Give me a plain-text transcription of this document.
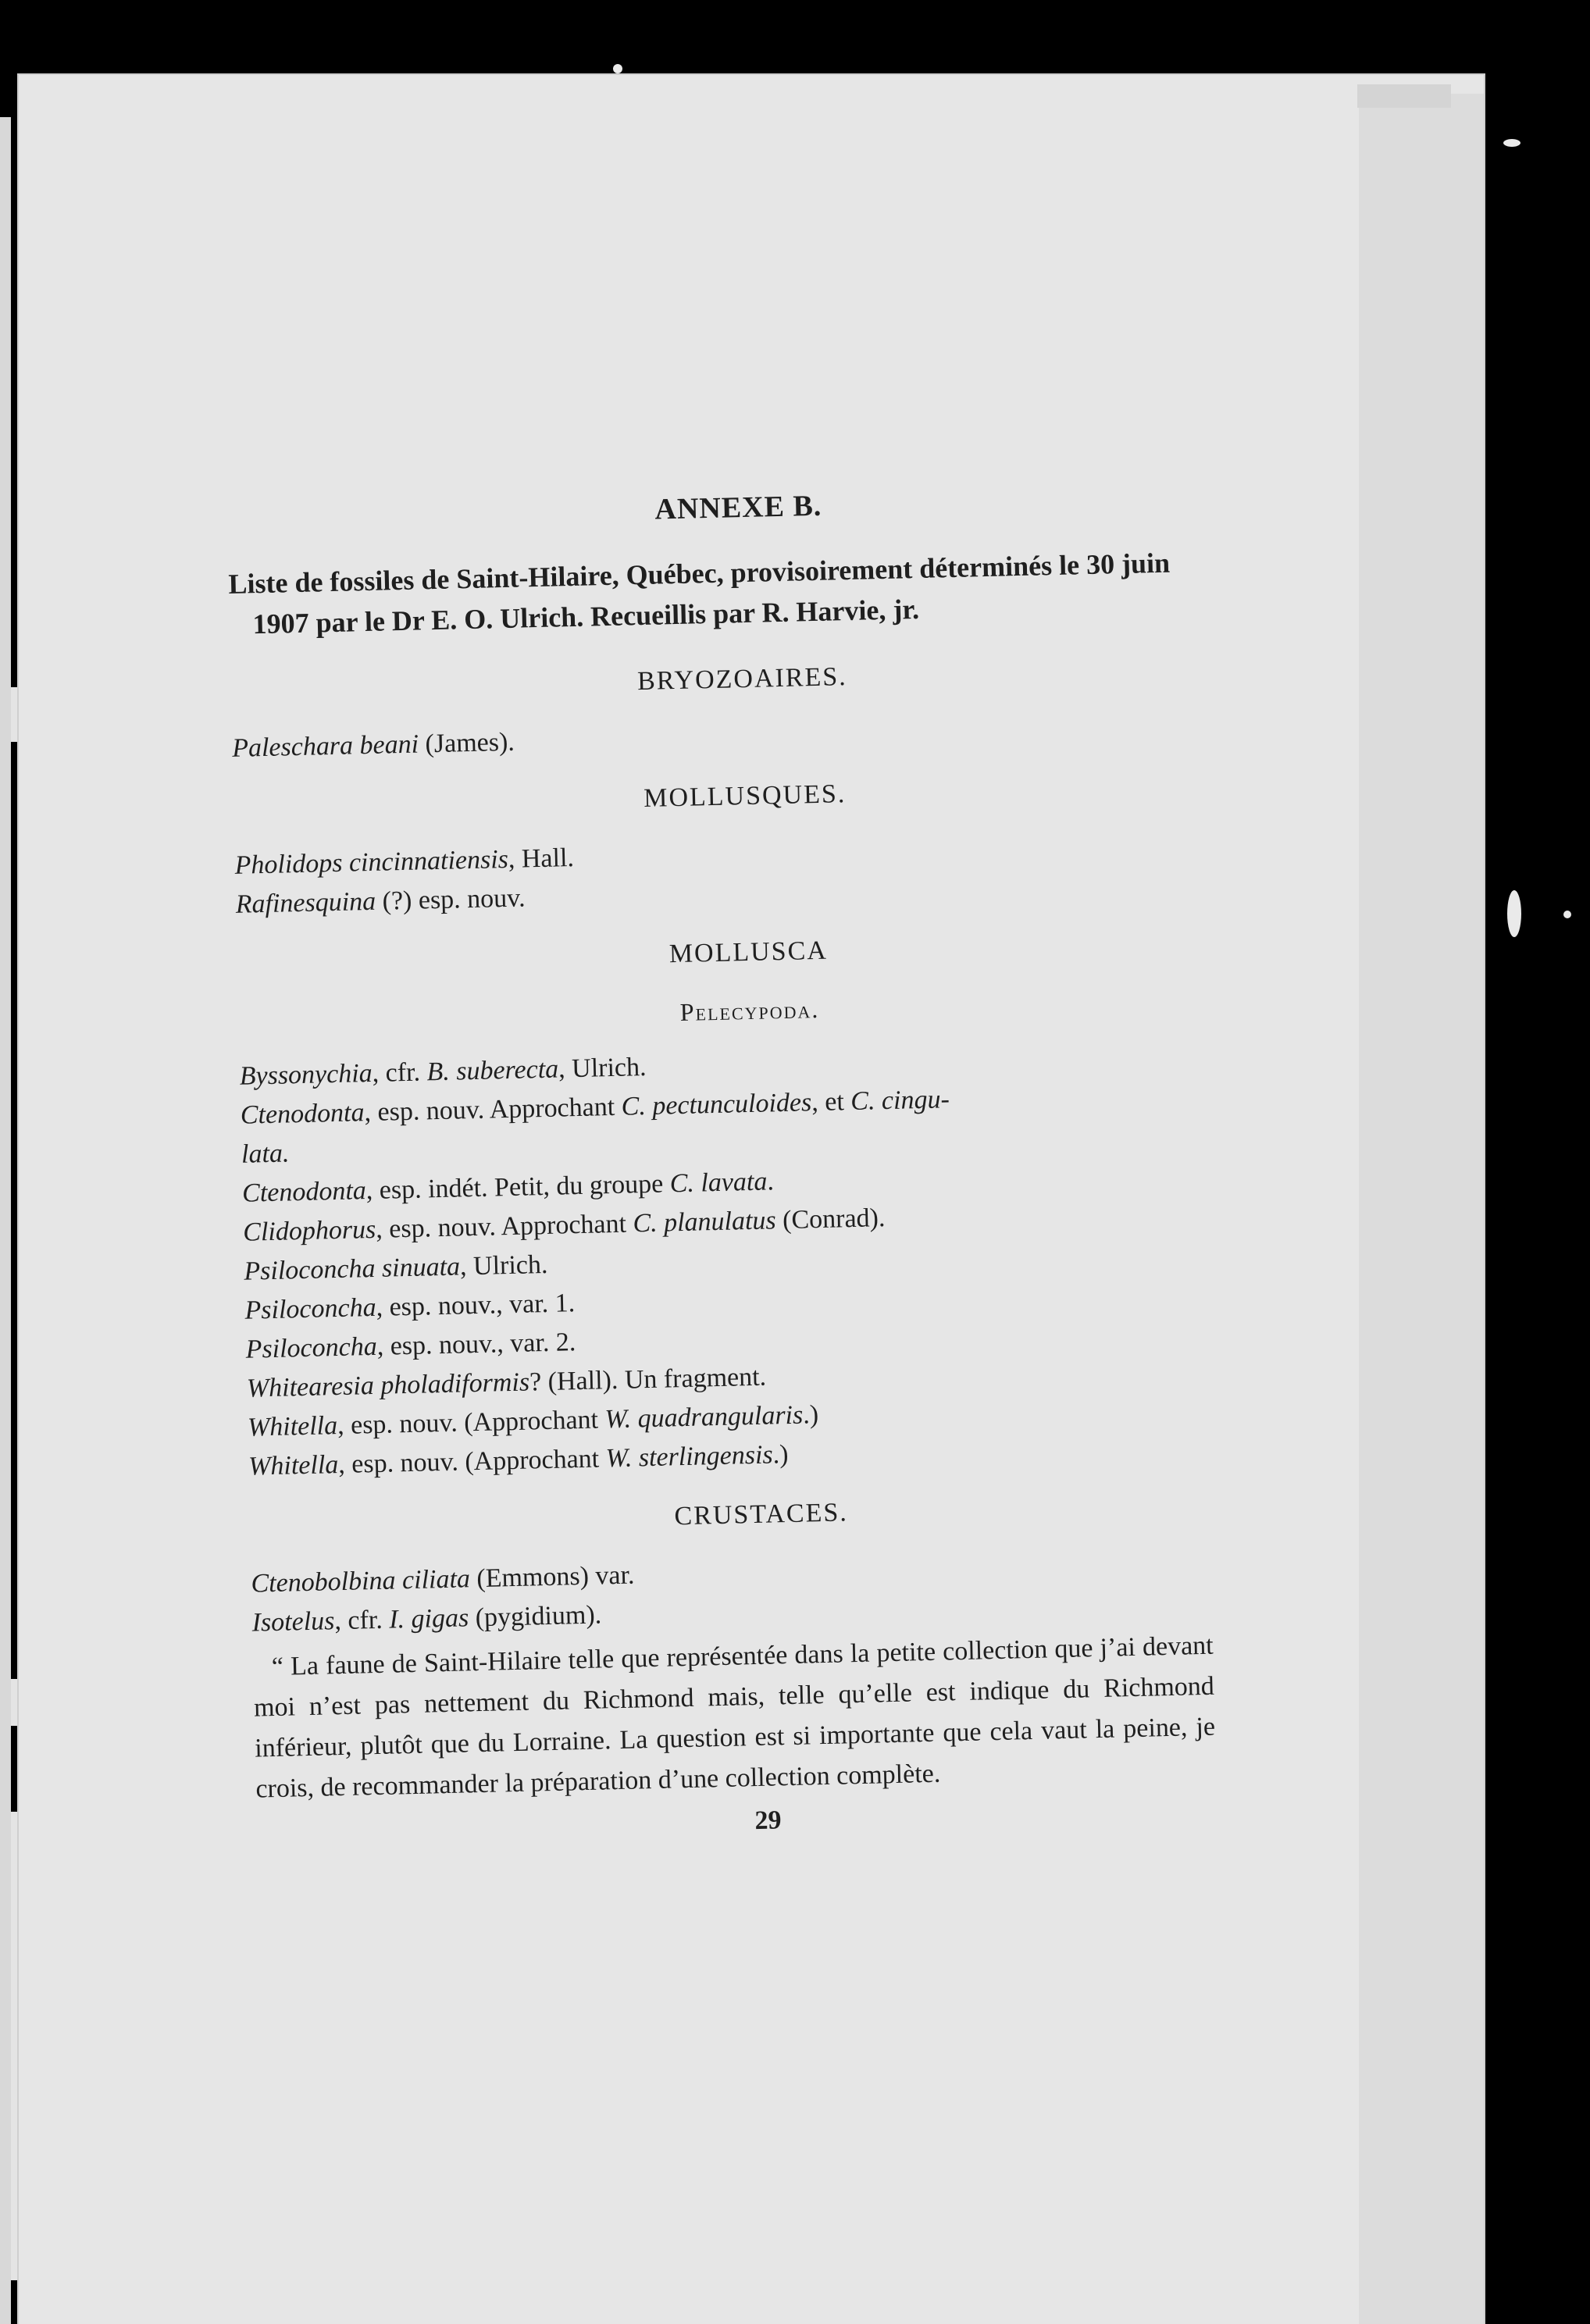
ANNEXE B.

Liste de fossiles de Saint-Hilaire, Québec, provisoirement déterminés le 30 juin 1907 par le Dr E. O. Ulrich. Recueillis par R. Harvie, jr.

BRYOZOAIRES.

Paleschara beani (James).

MOLLUSQUES.

Pholidops cincinnatiensis, Hall.

Rafinesquina (?) esp. nouv.

MOLLUSCA
Pelecypoda.

Byssonychia, cfr. B. suberecta, Ulrich.

Ctenodonta, esp. nouv. Approchant C. pectunculoides, et C. cingu-

lata.

Ctenodonta, esp. indét. Petit, du groupe C. lavata.

Clidophorus, esp. nouv. Approchant C. planulatus (Conrad).

Psiloconcha sinuata, Ulrich.

Psiloconcha, esp. nouv., var. 1.

Psiloconcha, esp. nouv., var. 2.

Whitearesia pholadiformis? (Hall). Un fragment.

Whitella, esp. nouv. (Approchant W. quadrangularis.)

Whitella, esp. nouv. (Approchant W. sterlingensis.)

CRUSTACES.

Ctenobolbina ciliata (Emmons) var.

Isotelus, cfr. I. gigas (pygidium).

“ La faune de Saint-Hilaire telle que représentée dans la petite collection que j’ai devant moi n’est pas nettement du Richmond mais, telle qu’elle est indique du Richmond inférieur, plutôt que du Lorraine. La question est si importante que cela vaut la peine, je crois, de recommander la préparation d’une collection complète.

29
